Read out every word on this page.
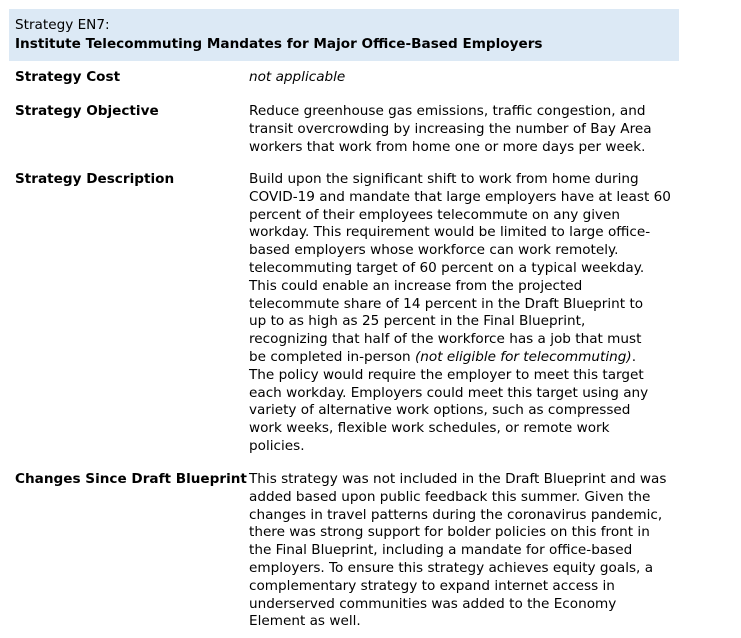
Strategy EN7:
Institute Telecommuting Mandates for Major Office-Based Employers
Strategy Cost	not applicable
Strategy Objective	Reduce greenhouse gas emissions, traffic congestion, and
transit overcrowding by increasing the number of Bay Area
workers that work from home one or more days per week.
Strategy Description	Build upon the significant shift to work from home during
COVID-19 and mandate that large employers have at least 60
percent of their employees telecommute on any given
workday. This requirement would be limited to large office-
based employers whose workforce can work remotely.
telecommuting target of 60 percent on a typical weekday.
This could enable an increase from the projected
telecommute share of 14 percent in the Draft Blueprint to
up to as high as 25 percent in the Final Blueprint,
recognizing that half of the workforce has a job that must
be completed in-person (not eligible for telecommuting).
The policy would require the employer to meet this target
each workday. Employers could meet this target using any
variety of alternative work options, such as compressed
work weeks, flexible work schedules, or remote work
policies.
Changes Since Draft Blueprint This strategy was not included in the Draft Blueprint and was
added based upon public feedback this summer. Given the
changes in travel patterns during the coronavirus pandemic,
there was strong support for bolder policies on this front in
the Final Blueprint, including a mandate for office-based
employers. To ensure this strategy achieves equity goals, a
complementary strategy to expand internet access in
underserved communities was added to the Economy
Element as well.
